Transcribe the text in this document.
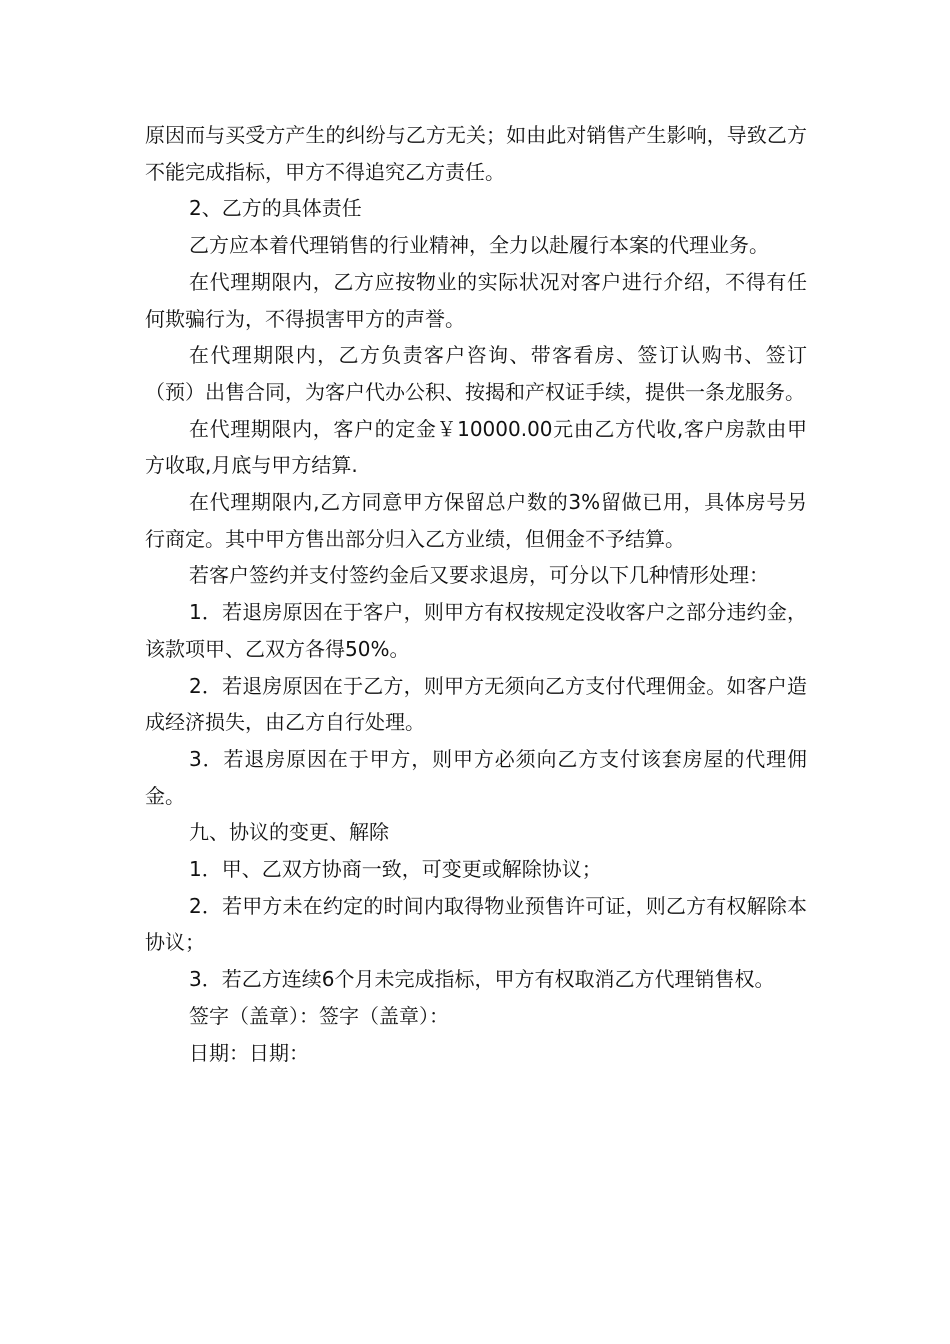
原因而与买受方产生的纠纷与乙方无关；如由此对销售产生影响，导致乙方不能完成指标，甲方不得追究乙方责任。

2、乙方的具体责任

乙方应本着代理销售的行业精神，全力以赴履行本案的代理业务。

在代理期限内，乙方应按物业的实际状况对客户进行介绍，不得有任何欺骗行为，不得损害甲方的声誉。

在代理期限内，乙方负责客户咨询、带客看房、签订认购书、签订（预）出售合同，为客户代办公积、按揭和产权证手续，提供一条龙服务。

在代理期限内，客户的定金￥10000.00元由乙方代收,客户房款由甲方收取,月底与甲方结算.

在代理期限内,乙方同意甲方保留总户数的3%留做已用，具体房号另行商定。其中甲方售出部分归入乙方业绩，但佣金不予结算。

若客户签约并支付签约金后又要求退房，可分以下几种情形处理：

1．若退房原因在于客户，则甲方有权按规定没收客户之部分违约金，该款项甲、乙双方各得50%。

2．若退房原因在于乙方，则甲方无须向乙方支付代理佣金。如客户造成经济损失，由乙方自行处理。

3．若退房原因在于甲方，则甲方必须向乙方支付该套房屋的代理佣金。

九、协议的变更、解除

1．甲、乙双方协商一致，可变更或解除协议；

2．若甲方未在约定的时间内取得物业预售许可证，则乙方有权解除本协议；

3．若乙方连续6个月未完成指标，甲方有权取消乙方代理销售权。

签字（盖章）：签字（盖章）：

日期：日期：
